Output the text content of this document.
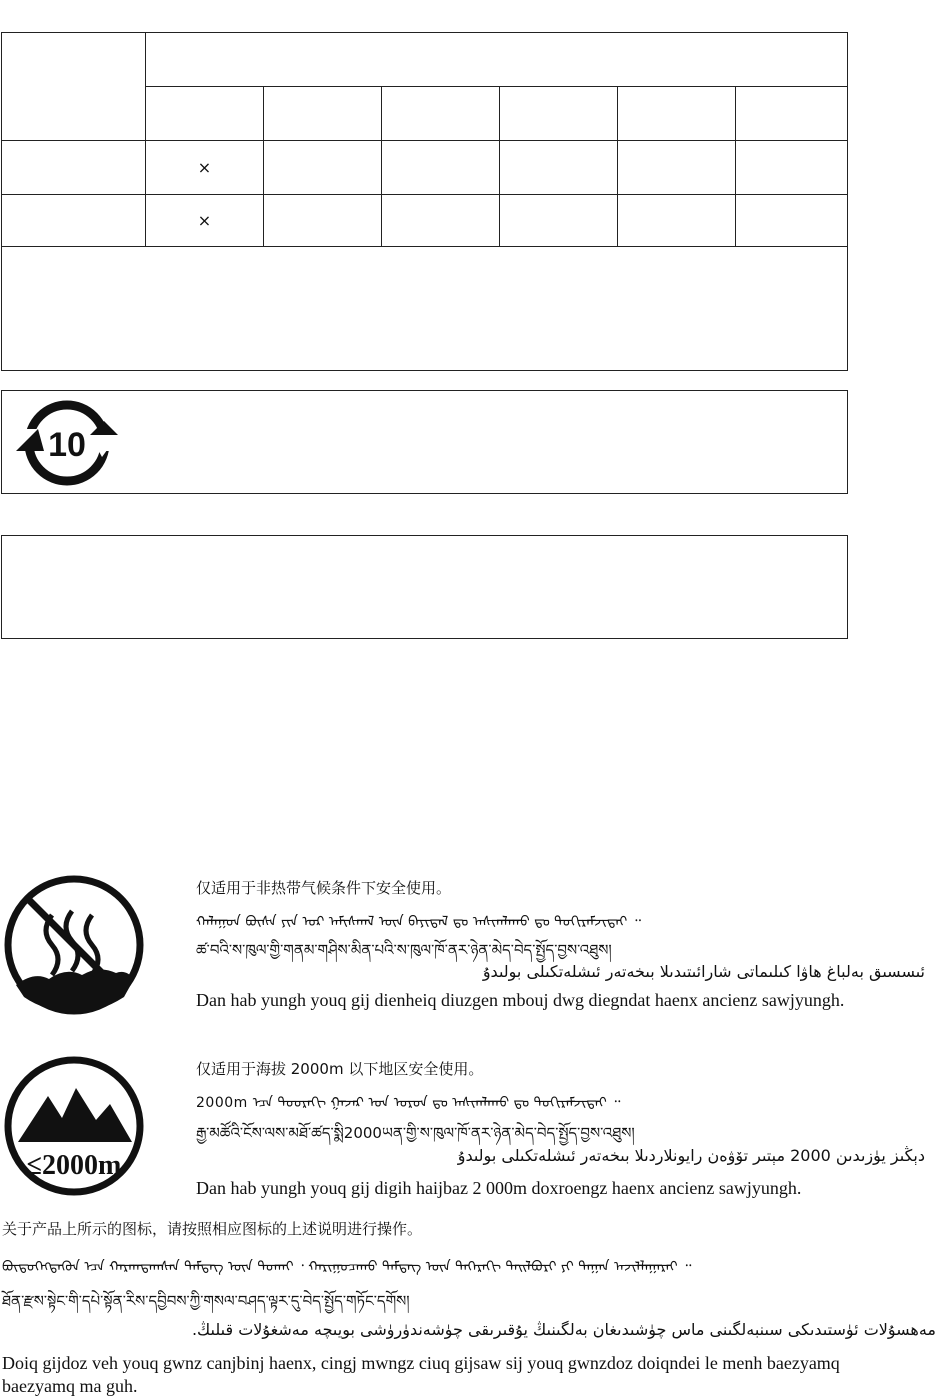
	×					
	×					

10
仅适用于非热带气候条件下安全使用。
ᠬᠠᠯᠠᠭᠤᠨ ᠪᠦᠰᠡ ᠶᠢᠨ ᠤᠷ ᠠᠮᠢᠰᠬᠠᠯ ᠦᠨ ᠪᠠᠶᠢᠳᠠᠯ ᠳᠤ ᠠᠰᠢᠭᠯᠠᠬᠤ ᠳᠤ ᠲᠤᠬᠢᠷᠠᠮᠵᠢᠲᠠᠢ ᠃
ཚ་བའི་ས་ཁུལ་གྱི་གནམ་གཤིས་མིན་པའི་ས་ཁུལ་ཁོ་ནར་ཉེན་མེད་བེད་སྤྱོད་བྱས་འཐུས།
ئىسسىق بەلباغ ھاۋا كىلىماتى شارائىتىدىلا بىخەتەر ئىشلەتكىلى بولىدۇ
Dan hab yungh youq gij dienheiq diuzgen mbouj dwg diegndat haenx ancienz sawjyungh.
≤2000m
仅适用于海拔 2000m 以下地区安全使用。
2000m ᠡᠴᠡ ᠳᠣᠣᠷᠠᠬᠢ ᠭᠠᠵᠠᠷ ᠤᠨ ᠣᠷᠣᠨ ᠳᠤ ᠠᠰᠢᠭᠯᠠᠬᠤ ᠳᠤ ᠲᠤᠬᠢᠷᠠᠮᠵᠢᠲᠠᠢ ᠃
རྒྱ་མཚོའི་ངོས་ལས་མཐོ་ཚད་སྨི2000ཡན་གྱི་ས་ཁུལ་ཁོ་ནར་ཉེན་མེད་བེད་སྤྱོད་བྱས་འཐུས།
دېڭىز يۈزىدىن 2000 مېتىر تۆۋەن رايونلاردىلا بىخەتەر ئىشلەتكىلى بولىدۇ
Dan hab yungh youq gij digih haijbaz 2 000m doxroengz haenx ancienz sawjyungh.
关于产品上所示的图标，请按照相应图标的上述说明进行操作。
ᠪᠦᠲᠦᠭᠡᠭᠳᠡᠬᠦᠨ ᠡᠴᠡ ᠬᠠᠷᠠᠭᠳᠠᠭᠰᠠᠨ ᠲᠡᠮᠳᠡᠭ ᠦᠨ ᠲᠤᠬᠠᠢ ᠂ ᠬᠠᠷᠢᠭᠤᠴᠠᠬᠤ ᠲᠡᠮᠳᠡᠭ ᠦᠨ ᠳᠡᠭᠡᠷᠡᠬᠢ ᠲᠠᠢᠯᠪᠤᠷᠢ ᠶᠢ ᠳᠠᠭᠠᠨ ᠠᠵᠢᠯᠯᠠᠭᠠᠷᠠᠢ ᠃
ཐོན་རྫས་སྟེང་གི་དཔེ་སྟོན་རིས་དབྱིབས་ཀྱི་གསལ་བཤད་ལྟར་དུ་བེད་སྤྱོད་གཏོང་དགོས།
مەھسۇلات ئۈستىدىكى سىنبەلگىنى ماس چۈشىدىغان بەلگىنىڭ يۇقىرىقى چۈشەندۈرۈشى بويىچە مەشغۇلات قىلىڭ.
Doiq gijdoz veh youq gwnz canjbinj haenx, cingj mwngz ciuq gijsaw sij youq gwnzdoz doiqndei le menh baezyamq
baezyamq ma guh.
